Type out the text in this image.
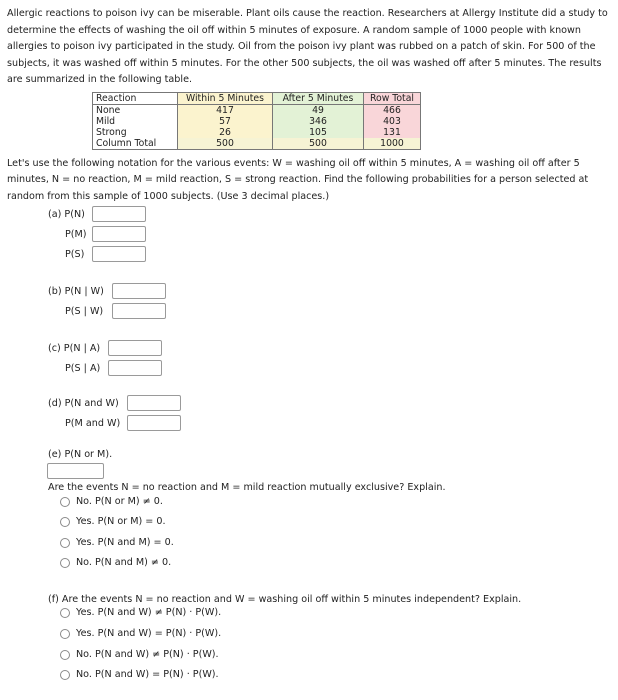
Allergic reactions to poison ivy can be miserable. Plant oils cause the reaction. Researchers at Allergy Institute did a study to determine the effects of washing the oil off within 5 minutes of exposure. A random sample of 1000 people with known allergies to poison ivy participated in the study. Oil from the poison ivy plant was rubbed on a patch of skin. For 500 of the subjects, it was washed off within 5 minutes. For the other 500 subjects, the oil was washed off after 5 minutes. The results are summarized in the following table.

Reaction	Within 5 Minutes	After 5 Minutes	Row Total
None	417	49	466
Mild	57	346	403
Strong	26	105	131
Column Total	500	500	1000

Let's use the following notation for the various events: W = washing oil off within 5 minutes, A = washing oil off after 5 minutes, N = no reaction, M = mild reaction, S = strong reaction. Find the following probabilities for a person selected at random from this sample of 1000 subjects. (Use 3 decimal places.)

(a) P(N)
P(M)
P(S)
(b) P(N | W)
P(S | W)
(c) P(N | A)
P(S | A)
(d) P(N and W)
P(M and W)
(e) P(N or M).
Are the events N = no reaction and M = mild reaction mutually exclusive? Explain.
No. P(N or M) ≠ 0.
Yes. P(N or M) = 0.
Yes. P(N and M) = 0.
No. P(N and M) ≠ 0.
(f) Are the events N = no reaction and W = washing oil off within 5 minutes independent? Explain.
Yes. P(N and W) ≠ P(N) · P(W).
Yes. P(N and W) = P(N) · P(W).
No. P(N and W) ≠ P(N) · P(W).
No. P(N and W) = P(N) · P(W).
